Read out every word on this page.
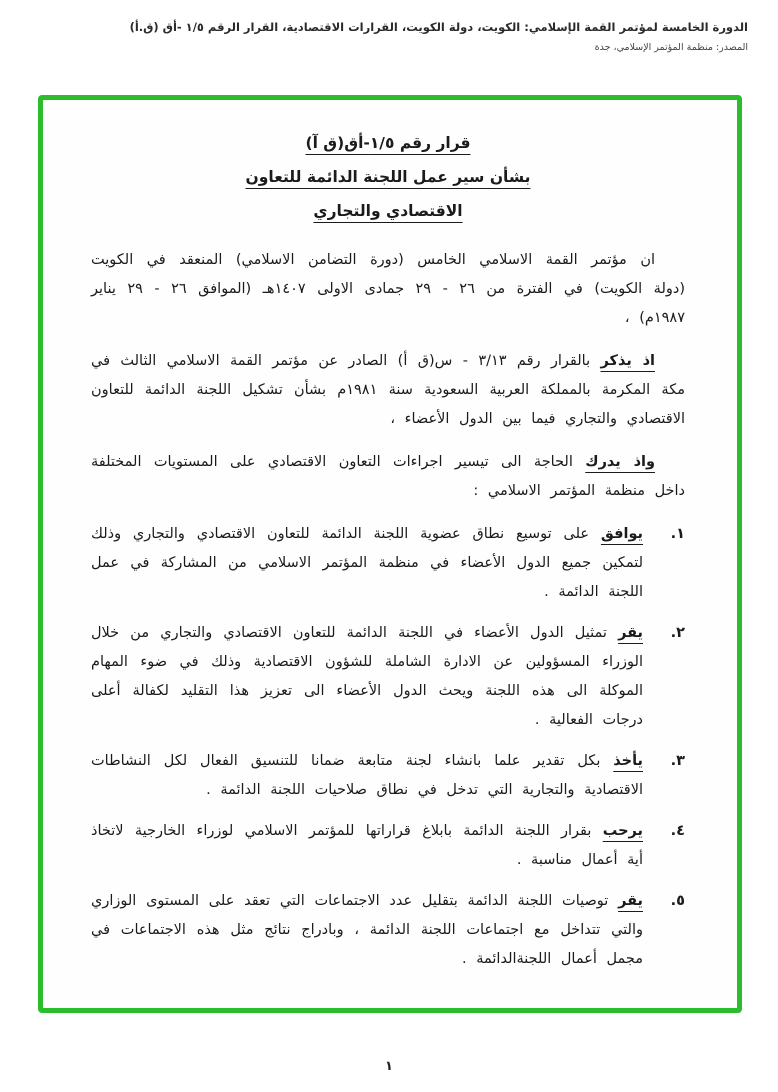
الدورة الخامسة لمؤتمر القمة الإسلامي: الكويت، دولة الكويت، القرارات الاقتصادية، القرار الرقم ١/٥ -أق (ق.أ)
المصدر: منظمة المؤتمر الإسلامي، جدة
قرار رقم ١/٥-أق(ق آ)
بشأن سير عمل اللجنة الدائمة للتعاون
الاقتصادي والتجاري

ان مؤتمر القمة الاسلامي الخامس (دورة التضامن الاسلامي) المنعقد في الكويت (دولة الكويت) في الفترة من ٢٦ - ٢٩ جمادى الاولى ١٤٠٧هـ (الموافق ٢٦ - ٢٩ يناير ١٩٨٧م) ،

اذ يذكر بالقرار رقم ٣/١٣ - س(ق أ) الصادر عن مؤتمر القمة الاسلامي الثالث في مكة المكرمة بالمملكة العربية السعودية سنة ١٩٨١م بشأن تشكيل اللجنة الدائمة للتعاون الاقتصادي والتجاري فيما بين الدول الأعضاء ،

واذ يدرك الحاجة الى تيسير اجراءات التعاون الاقتصادي على المستويات المختلفة داخل منظمة المؤتمر الاسلامي :

١.
يوافق على توسيع نطاق عضوية اللجنة الدائمة للتعاون الاقتصادي والتجاري وذلك لتمكين جميع الدول الأعضاء في منظمة المؤتمر الاسلامي من المشاركة في عمل اللجنة الدائمة .
٢.
يقر تمثيل الدول الأعضاء في اللجنة الدائمة للتعاون الاقتصادي والتجاري من خلال الوزراء المسؤولين عن الادارة الشاملة للشؤون الاقتصادية وذلك في ضوء المهام الموكلة الى هذه اللجنة ويحث الدول الأعضاء الى تعزيز هذا التقليد لكفالة أعلى درجات الفعالية .
٣.
يأخذ بكل تقدير علما بانشاء لجنة متابعة ضمانا للتنسيق الفعال لكل النشاطات الاقتصادية والتجارية التي تدخل في نطاق صلاحيات اللجنة الدائمة .
٤.
يرحب بقرار اللجنة الدائمة بابلاغ قراراتها للمؤتمر الاسلامي لوزراء الخارجية لاتخاذ أية أعمال مناسبة .
٥.
يقر توصيات اللجنة الدائمة بتقليل عدد الاجتماعات التي تعقد على المستوى الوزاري والتي تتداخل مع اجتماعات اللجنة الدائمة ، وبادراج نتائج مثل هذه الاجتماعات في مجمل أعمال اللجنةالدائمة .
١
